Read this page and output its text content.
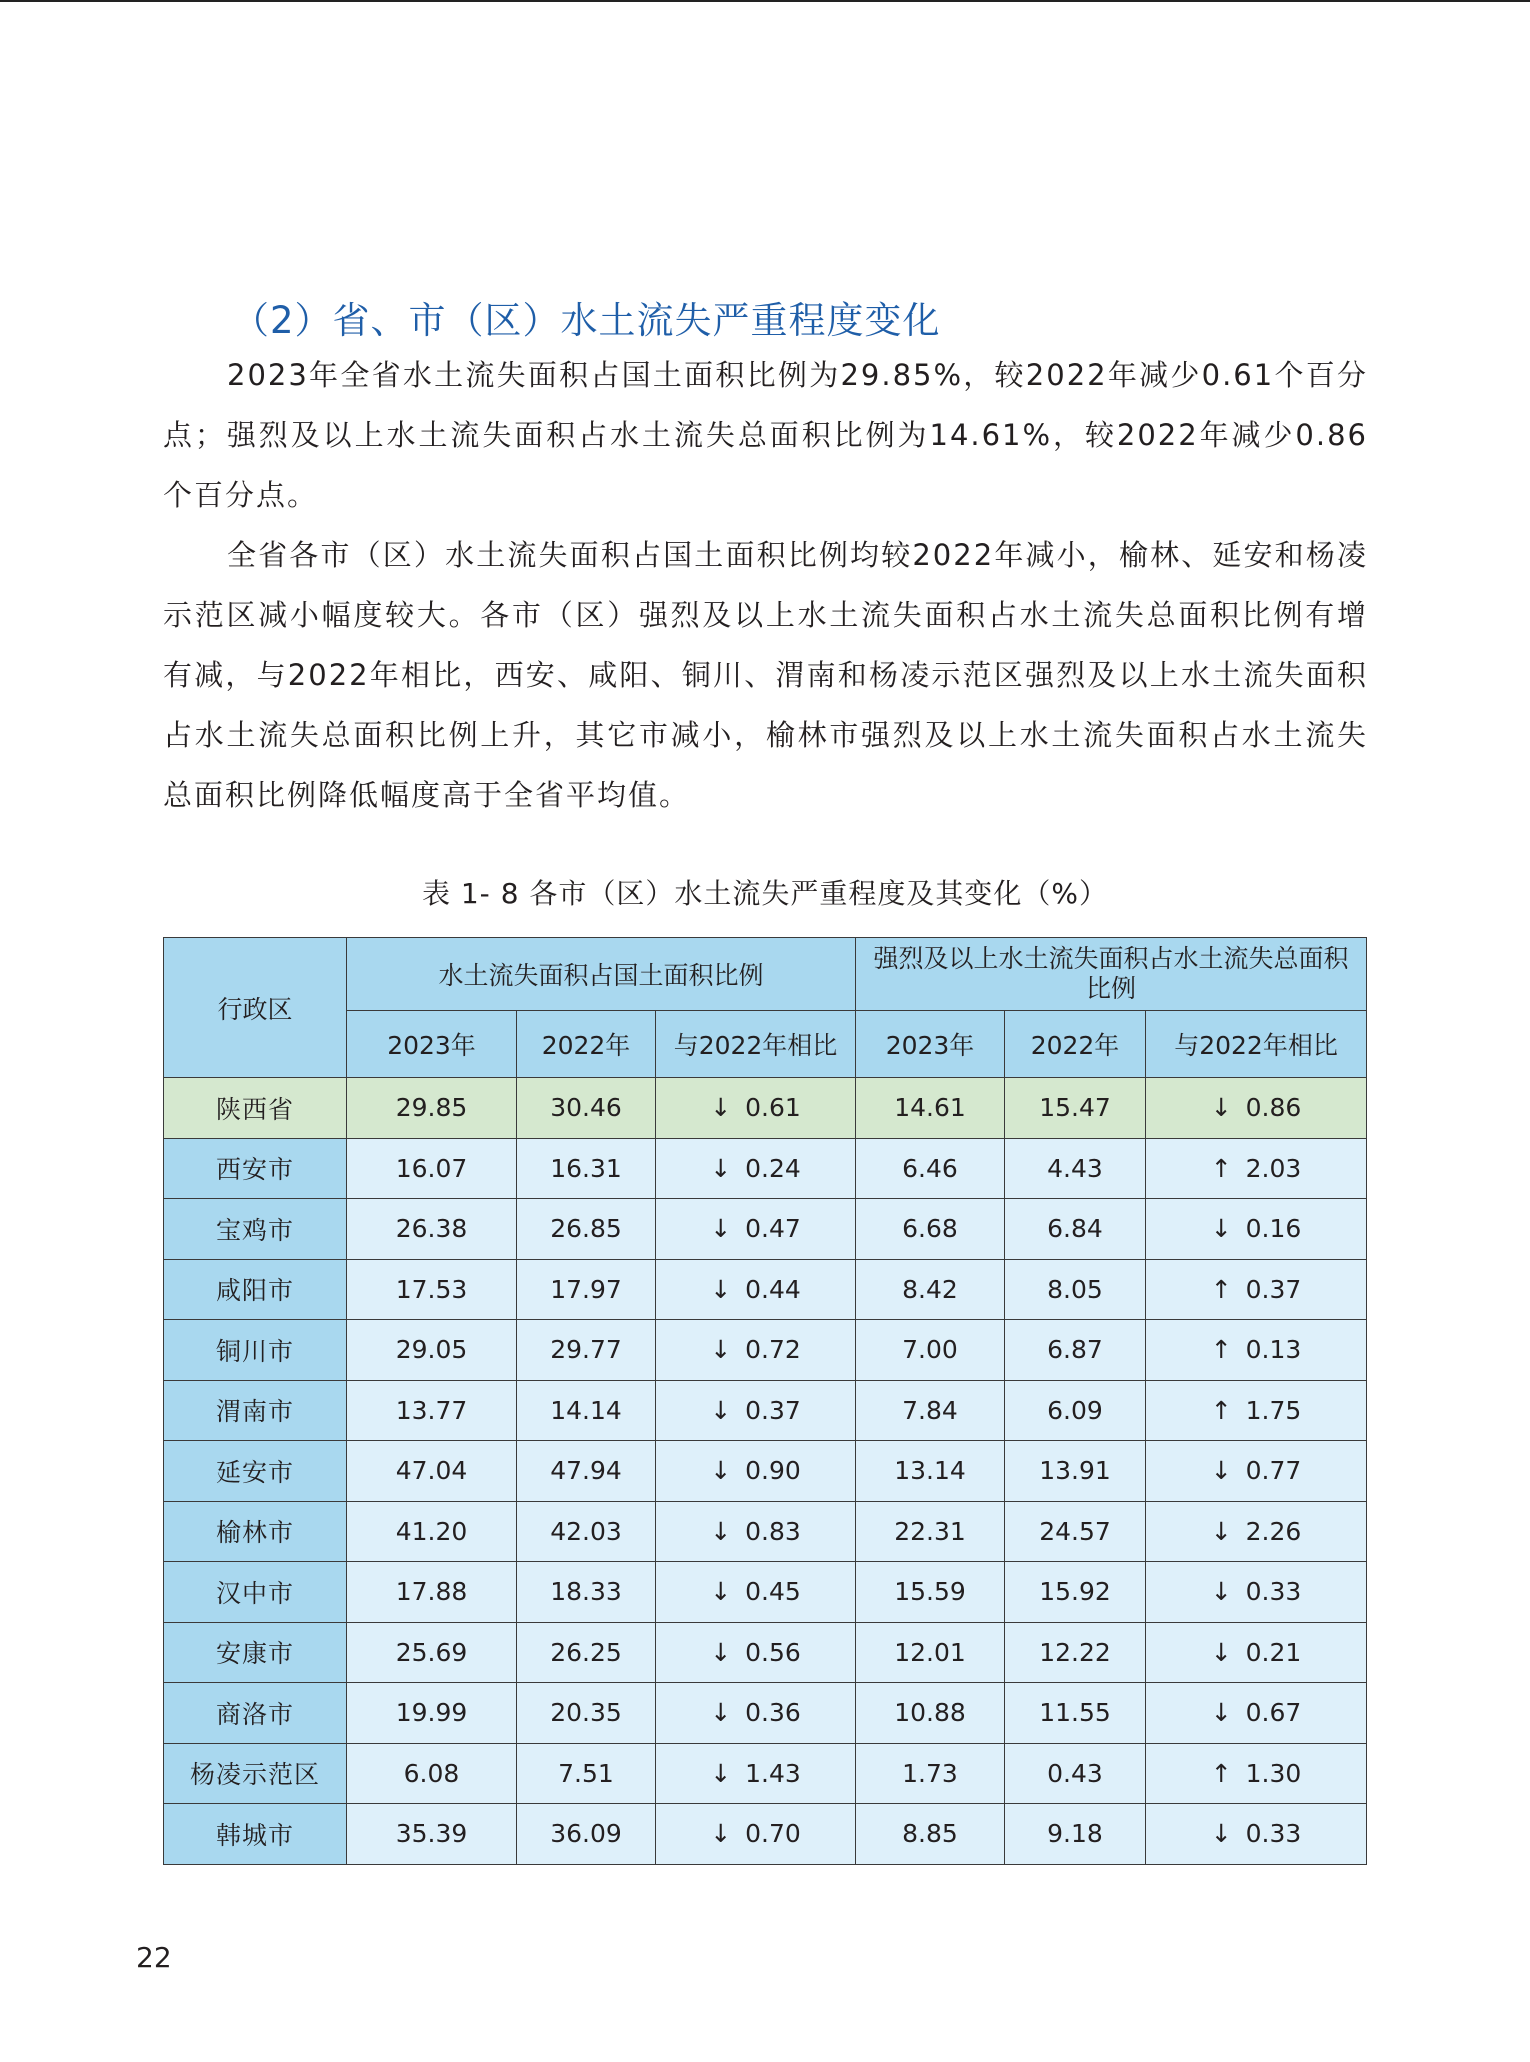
（2）省、市（区）水土流失严重程度变化

2023年全省水土流失面积占国土面积比例为29.85%，较2022年减少0.61个百分点；强烈及以上水土流失面积占水土流失总面积比例为14.61%，较2022年减少0.86个百分点。

全省各市（区）水土流失面积占国土面积比例均较2022年减小，榆林、延安和杨凌示范区减小幅度较大。各市（区）强烈及以上水土流失面积占水土流失总面积比例有增有减，与2022年相比，西安、咸阳、铜川、渭南和杨凌示范区强烈及以上水土流失面积占水土流失总面积比例上升，其它市减小，榆林市强烈及以上水土流失面积占水土流失总面积比例降低幅度高于全省平均值。

表 1- 8 各市（区）水土流失严重程度及其变化（%）
行政区	水土流失面积占国土面积比例			强烈及以上水土流失面积占水土流失总面积比例		
	2023年	2022年	与2022年相比	2023年	2022年	与2022年相比
陕西省	29.85	30.46	↓ 0.61	14.61	15.47	↓ 0.86
西安市	16.07	16.31	↓ 0.24	6.46	4.43	↑ 2.03
宝鸡市	26.38	26.85	↓ 0.47	6.68	6.84	↓ 0.16
咸阳市	17.53	17.97	↓ 0.44	8.42	8.05	↑ 0.37
铜川市	29.05	29.77	↓ 0.72	7.00	6.87	↑ 0.13
渭南市	13.77	14.14	↓ 0.37	7.84	6.09	↑ 1.75
延安市	47.04	47.94	↓ 0.90	13.14	13.91	↓ 0.77
榆林市	41.20	42.03	↓ 0.83	22.31	24.57	↓ 2.26
汉中市	17.88	18.33	↓ 0.45	15.59	15.92	↓ 0.33
安康市	25.69	26.25	↓ 0.56	12.01	12.22	↓ 0.21
商洛市	19.99	20.35	↓ 0.36	10.88	11.55	↓ 0.67
杨凌示范区	6.08	7.51	↓ 1.43	1.73	0.43	↑ 1.30
韩城市	35.39	36.09	↓ 0.70	8.85	9.18	↓ 0.33
22
